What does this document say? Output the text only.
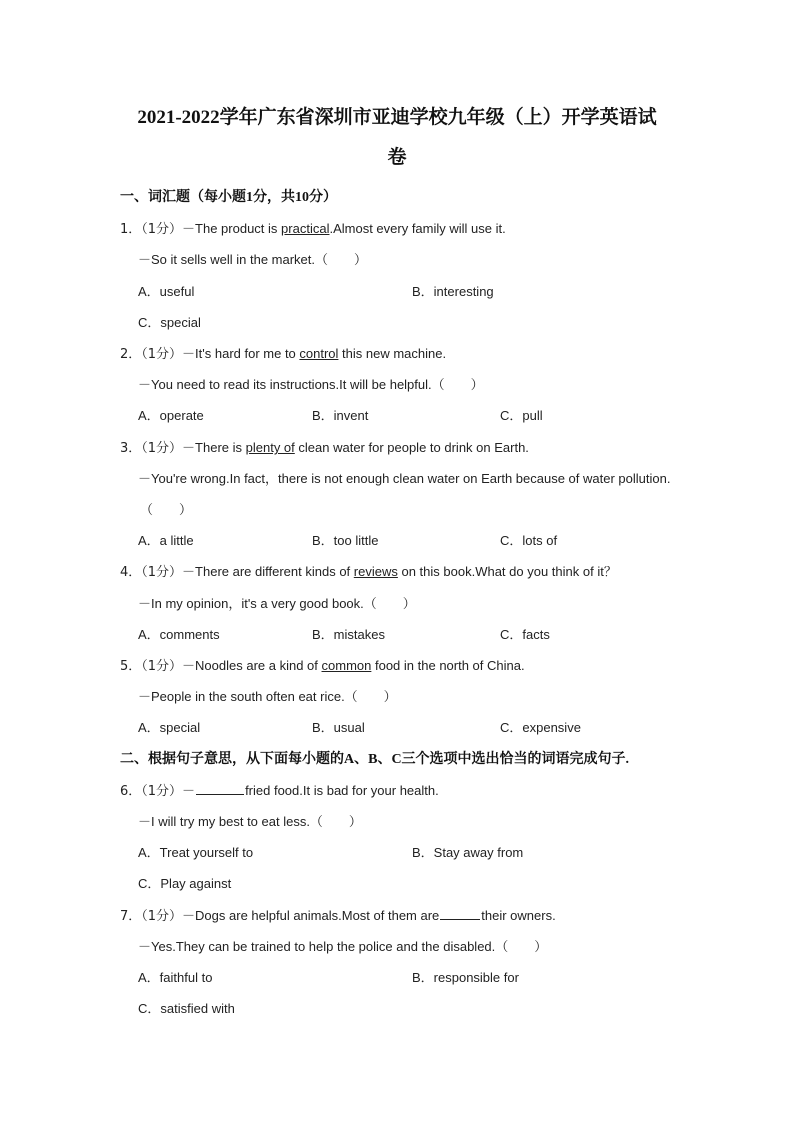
2021-2022学年广东省深圳市亚迪学校九年级（上）开学英语试
卷
一、词汇题（每小题1分，共10分）
1．（1分）－The product is practical.Almost every family will use it.
－So it sells well in the market.（　　）
A．useful	B．interesting
C．special
2．（1分）－It's hard for me to control this new machine.
－You need to read its instructions.It will be helpful.（　　）
A．operate	B．invent	C．pull
3．（1分）－There is plenty of clean water for people to drink on Earth.
－You're wrong.In fact，there is not enough clean water on Earth because of water pollution.
（　　）
A．a little	B．too little	C．lots of
4．（1分）－There are different kinds of reviews on this book.What do you think of it？
－In my opinion，it's a very good book.（　　）
A．comments	B．mistakes	C．facts
5．（1分）－Noodles are a kind of common food in the north of China.
－People in the south often eat rice.（　　）
A．special	B．usual	C．expensive
二、根据句子意思，从下面每小题的A、B、C三个选项中选出恰当的词语完成句子.
6．（1分）－	fried food.It is bad for your health.
－I will try my best to eat less.（　　）
A．Treat yourself to	B．Stay away from
C．Play against
7．（1分）－Dogs are helpful animals.Most of them are	their owners.
－Yes.They can be trained to help the police and the disabled.（　　）
A．faithful to	B．responsible for
C．satisfied with
